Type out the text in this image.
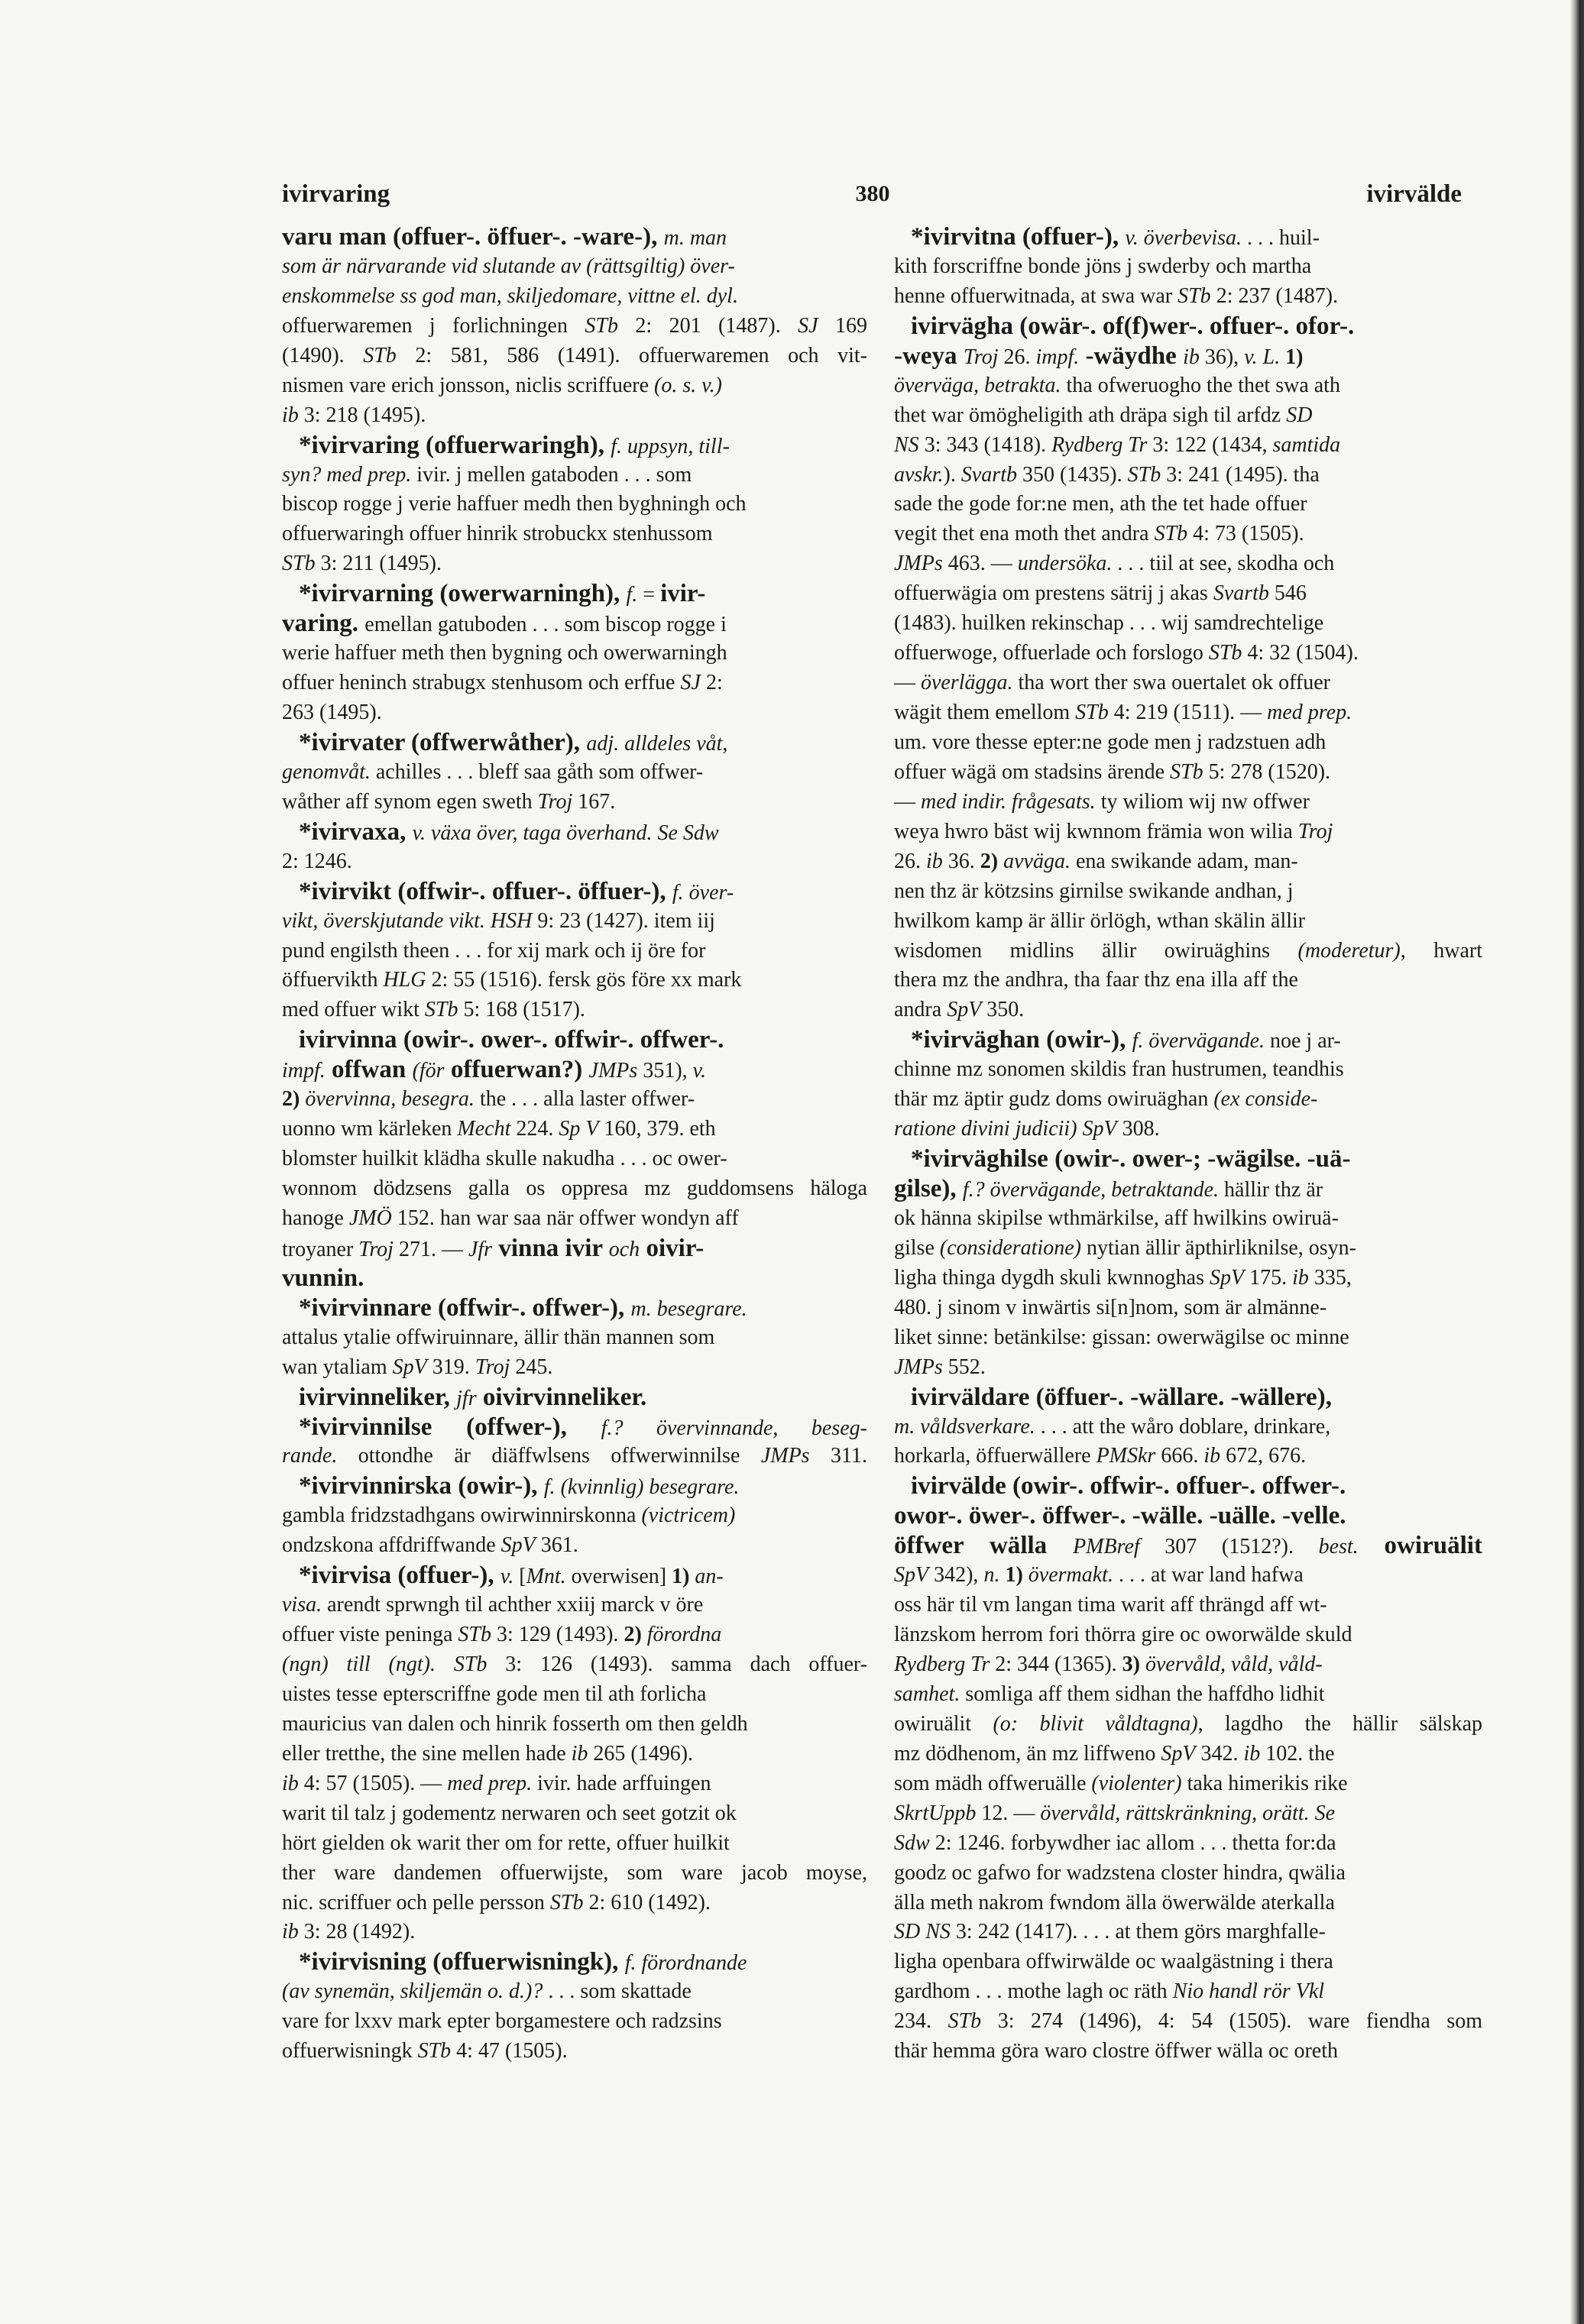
ivirvaring	380	ivirvälde
varu man (offuer-. öffuer-. -ware-), m. man
som är närvarande vid slutande av (rättsgiltig) över-
enskommelse ss god man, skiljedomare, vittne el. dyl.
offuerwaremen j forlichningen STb 2: 201 (1487). SJ 169
(1490). STb 2: 581, 586 (1491). offuerwaremen och vit-
nismen vare erich jonsson, niclis scriffuere (o. s. v.)
ib 3: 218 (1495).
*ivirvaring (offuerwaringh), f. uppsyn, till-
syn? med prep. ivir. j mellen gataboden . . . som
biscop rogge j verie haffuer medh then byghningh och
offuerwaringh offuer hinrik strobuckx stenhussom
STb 3: 211 (1495).
*ivirvarning (owerwarningh), f. = ivir-
varing. emellan gatuboden . . . som biscop rogge i
werie haffuer meth then bygning och owerwarningh
offuer heninch strabugx stenhusom och erffue SJ 2:
263 (1495).
*ivirvater (offwerwåther), adj. alldeles våt,
genomvåt. achilles . . . bleff saa gåth som offwer-
wåther aff synom egen sweth Troj 167.
*ivirvaxa, v. växa över, taga överhand. Se Sdw
2: 1246.
*ivirvikt (offwir-. offuer-. öffuer-), f. över-
vikt, överskjutande vikt. HSH 9: 23 (1427). item iij
pund engilsth theen . . . for xij mark och ij öre for
öffuervikth HLG 2: 55 (1516). fersk gös före xx mark
med offuer wikt STb 5: 168 (1517).
ivirvinna (owir-. ower-. offwir-. offwer-.
impf. offwan (för offuerwan?) JMPs 351), v.
2) övervinna, besegra. the . . . alla laster offwer-
uonno wm kärleken Mecht 224. Sp V 160, 379. eth
blomster huilkit klädha skulle nakudha . . . oc ower-
wonnom dödzsens galla os oppresa mz guddomsens häloga
hanoge JMÖ 152. han war saa när offwer wondyn aff
troyaner Troj 271. — Jfr vinna ivir och oivir-
vunnin.
*ivirvinnare (offwir-. offwer-), m. besegrare.
attalus ytalie offwiruinnare, ällir thän mannen som
wan ytaliam SpV 319. Troj 245.
ivirvinneliker, jfr oivirvinneliker.
*ivirvinnilse (offwer-), f.? övervinnande, beseg-
rande. ottondhe är diäffwlsens offwerwinnilse JMPs 311.
*ivirvinnirska (owir-), f. (kvinnlig) besegrare.
gambla fridzstadhgans owirwinnirskonna (victricem)
ondzskona affdriffwande SpV 361.
*ivirvisa (offuer-), v. [Mnt. overwisen] 1) an-
visa. arendt sprwngh til achther xxiij marck v öre
offuer viste peninga STb 3: 129 (1493). 2) förordna
(ngn) till (ngt). STb 3: 126 (1493). samma dach offuer-
uistes tesse epterscriffne gode men til ath forlicha
mauricius van dalen och hinrik fosserth om then geldh
eller tretthe, the sine mellen hade ib 265 (1496).
ib 4: 57 (1505). — med prep. ivir. hade arffuingen
warit til talz j godementz nerwaren och seet gotzit ok
hört gielden ok warit ther om for rette, offuer huilkit
ther ware dandemen offuerwijste, som ware jacob moyse,
nic. scriffuer och pelle persson STb 2: 610 (1492).
ib 3: 28 (1492).
*ivirvisning (offuerwisningk), f. förordnande
(av synemän, skiljemän o. d.)? . . . som skattade
vare for lxxv mark epter borgamestere och radzsins
offuerwisningk STb 4: 47 (1505).
*ivirvitna (offuer-), v. överbevisa. . . . huil-
kith forscriffne bonde jöns j swderby och martha
henne offuerwitnada, at swa war STb 2: 237 (1487).
ivirvägha (owär-. of(f)wer-. offuer-. ofor-.
-weya Troj 26. impf. -wäydhe ib 36), v. L. 1)
överväga, betrakta. tha ofweruogho the thet swa ath
thet war ömögheligith ath dräpa sigh til arfdz SD
NS 3: 343 (1418). Rydberg Tr 3: 122 (1434, samtida
avskr.). Svartb 350 (1435). STb 3: 241 (1495). tha
sade the gode for:ne men, ath the tet hade offuer
vegit thet ena moth thet andra STb 4: 73 (1505).
JMPs 463. — undersöka. . . . tiil at see, skodha och
offuerwägia om prestens sätrij j akas Svartb 546
(1483). huilken rekinschap . . . wij samdrechtelige
offuerwoge, offuerlade och forslogo STb 4: 32 (1504).
— överlägga. tha wort ther swa ouertalet ok offuer
wägit them emellom STb 4: 219 (1511). — med prep.
um. vore thesse epter:ne gode men j radzstuen adh
offuer wägä om stadsins ärende STb 5: 278 (1520).
— med indir. frågesats. ty wiliom wij nw offwer
weya hwro bäst wij kwnnom främia won wilia Troj
26. ib 36. 2) avväga. ena swikande adam, man-
nen thz är kötzsins girnilse swikande andhan, j
hwilkom kamp är ällir örlögh, wthan skälin ällir
wisdomen midlins ällir owiruäghins (moderetur), hwart
thera mz the andhra, tha faar thz ena illa aff the
andra SpV 350.
*ivirväghan (owir-), f. övervägande. noe j ar-
chinne mz sonomen skildis fran hustrumen, teandhis
thär mz äptir gudz doms owiruäghan (ex conside-
ratione divini judicii) SpV 308.
*ivirväghilse (owir-. ower-; -wägilse. -uä-
gilse), f.? övervägande, betraktande. hällir thz är
ok hänna skipilse wthmärkilse, aff hwilkins owiruä-
gilse (consideratione) nytian ällir äpthirliknilse, osyn-
ligha thinga dygdh skuli kwnnoghas SpV 175. ib 335,
480. j sinom v inwärtis si[n]nom, som är almänne-
liket sinne: betänkilse: gissan: owerwägilse oc minne
JMPs 552.
ivirväldare (öffuer-. -wällare. -wällere),
m. våldsverkare. . . . att the wåro doblare, drinkare,
horkarla, öffuerwällere PMSkr 666. ib 672, 676.
ivirvälde (owir-. offwir-. offuer-. offwer-.
owor-. öwer-. öffwer-. -wälle. -uälle. -velle.
öffwer wälla PMBref 307 (1512?). best. owiruälit
SpV 342), n. 1) övermakt. . . . at war land hafwa
oss här til vm langan tima warit aff thrängd aff wt-
länzskom herrom fori thörra gire oc oworwälde skuld
Rydberg Tr 2: 344 (1365). 3) övervåld, våld, våld-
samhet. somliga aff them sidhan the haffdho lidhit
owiruälit (o: blivit våldtagna), lagdho the hällir sälskap
mz dödhenom, än mz liffweno SpV 342. ib 102. the
som mädh offweruälle (violenter) taka himerikis rike
SkrtUppb 12. — övervåld, rättskränkning, orätt. Se
Sdw 2: 1246. forbywdher iac allom . . . thetta for:da
goodz oc gafwo for wadzstena closter hindra, qwälia
älla meth nakrom fwndom älla öwerwälde aterkalla
SD NS 3: 242 (1417). . . . at them görs marghfalle-
ligha openbara offwirwälde oc waalgästning i thera
gardhom . . . mothe lagh oc räth Nio handl rör Vkl
234. STb 3: 274 (1496), 4: 54 (1505). ware fiendha som
thär hemma göra waro clostre öffwer wälla oc oreth
